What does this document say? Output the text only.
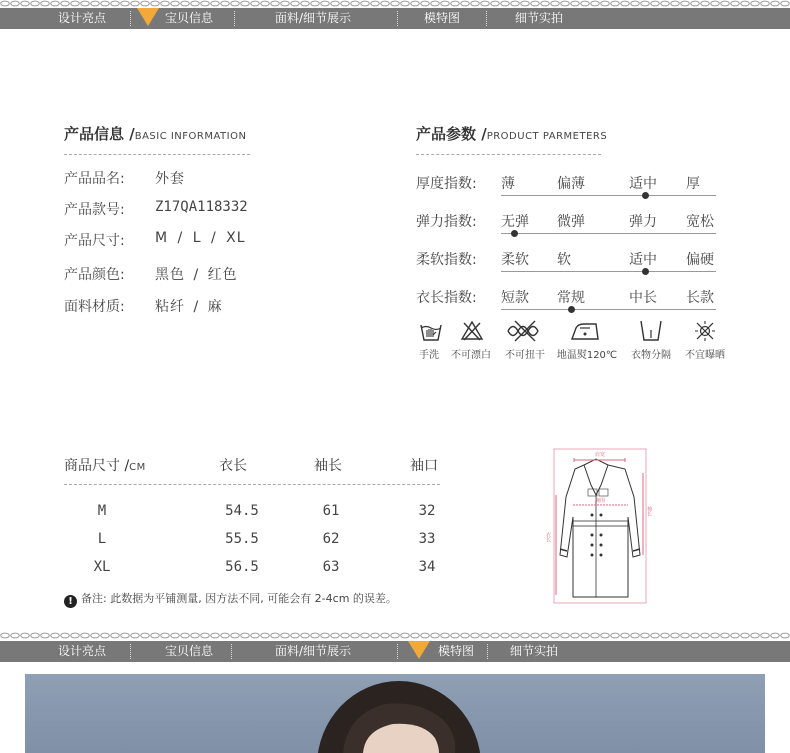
设计亮点	宝贝信息	面料/细节展示	模特图	细节实拍
产品信息 /BASIC INFORMATION
产品品名: 外套
产品款号: Z17QA118332
产品尺寸: M / L / XL
产品颜色: 黑色 / 红色
面料材质: 粘纤 / 麻
产品参数 /PRODUCT PARMETERS
厚度指数: 薄	偏薄	适中 厚
弹力指数: 无弹 微弹	弹力 宽松
柔软指数: 柔软 软	适中 偏硬
衣长指数: 短款 常规	中长 长款
手洗 不可漂白 不可扭干 地温熨120℃ 衣物分隔 不宜曝晒
商品尺寸 /CM	衣长	袖长	袖口
M	54.5	61	32
L	55.5	62	33
XL	56.5	63	34
! 备注: 此数据为平铺测量, 因方法不同, 可能会有 2-4cm 的误差。
肩宽
胸围
衣长
袖长
设计亮点	宝贝信息	面料/细节展示	模特图	细节实拍
